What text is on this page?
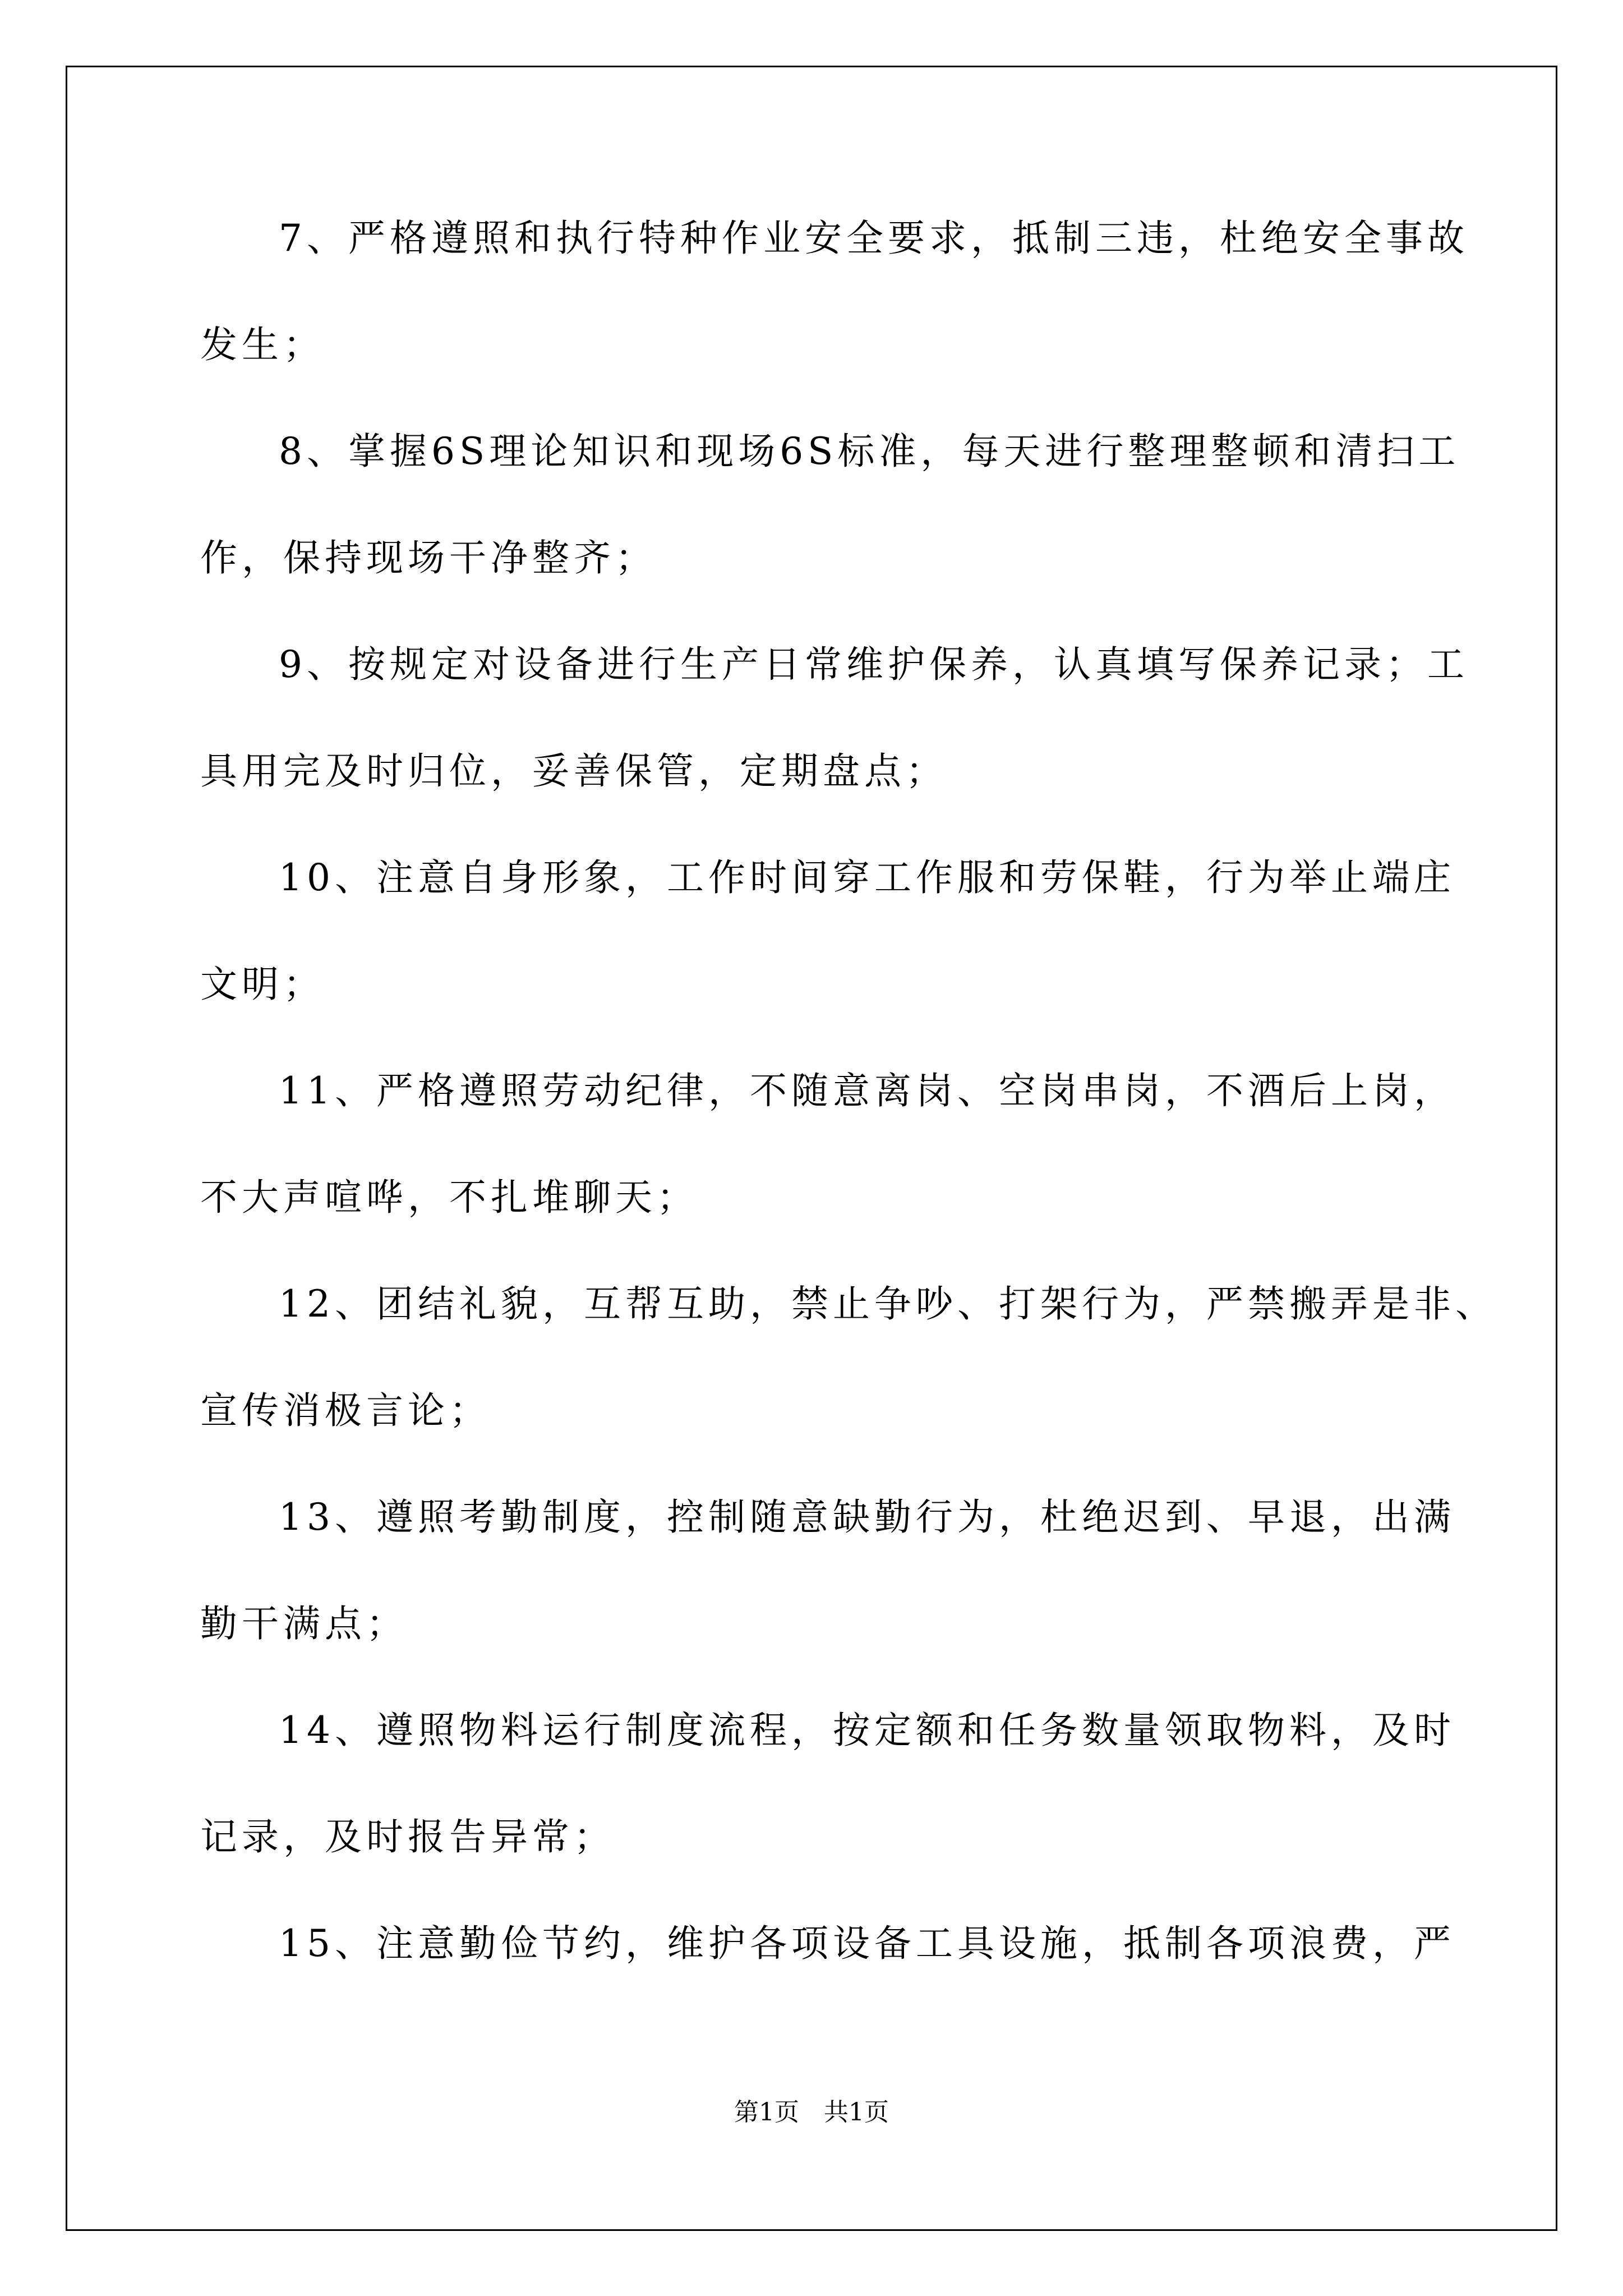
7、严格遵照和执行特种作业安全要求，抵制三违，杜绝安全事故
发生；
8、掌握6S理论知识和现场6S标准，每天进行整理整顿和清扫工
作，保持现场干净整齐；
9、按规定对设备进行生产日常维护保养，认真填写保养记录；工
具用完及时归位，妥善保管，定期盘点；
10、注意自身形象，工作时间穿工作服和劳保鞋，行为举止端庄
文明；
11、严格遵照劳动纪律，不随意离岗、空岗串岗，不酒后上岗，
不大声喧哗，不扎堆聊天；
12、团结礼貌，互帮互助，禁止争吵、打架行为，严禁搬弄是非、
宣传消极言论；
13、遵照考勤制度，控制随意缺勤行为，杜绝迟到、早退，出满
勤干满点；
14、遵照物料运行制度流程，按定额和任务数量领取物料，及时
记录，及时报告异常；
15、注意勤俭节约，维护各项设备工具设施，抵制各项浪费，严
第1页　共1页
